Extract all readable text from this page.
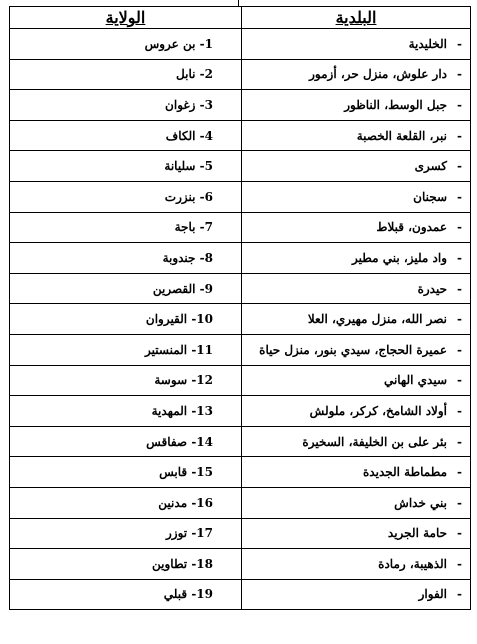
البلدية	الولاية
-الخليدية	1- بن عروس
-دار علوش، منزل حر، أزمور	2- نابل
-جبل الوسط، الناظور	3- زغوان
-نبر، القلعة الخصبة	4- الكاف
-كسرى	5- سليانة
-سجنان	6- بنزرت
-عمدون، قبلاط	7- باجة
-واد مليز، بني مطير	8- جندوبة
-حيدرة	9- القصرين
-نصر الله، منزل مهيري، العلا	10- القيروان
-عميرة الحجاج، سيدي بنور، منزل حياة	11- المنستير
-سيدي الهاني	12- سوسة
-أولاد الشامخ، كركر، ملولش	13- المهدية
-بئر على بن الخليفة، السخيرة	14- صفاقس
-مطماطة الجديدة	15- قابس
-بني خداش	16- مدنين
-حامة الجريد	17- توزر
-الذهيبة، رمادة	18- تطاوين
-الفوار	19- قبلي
